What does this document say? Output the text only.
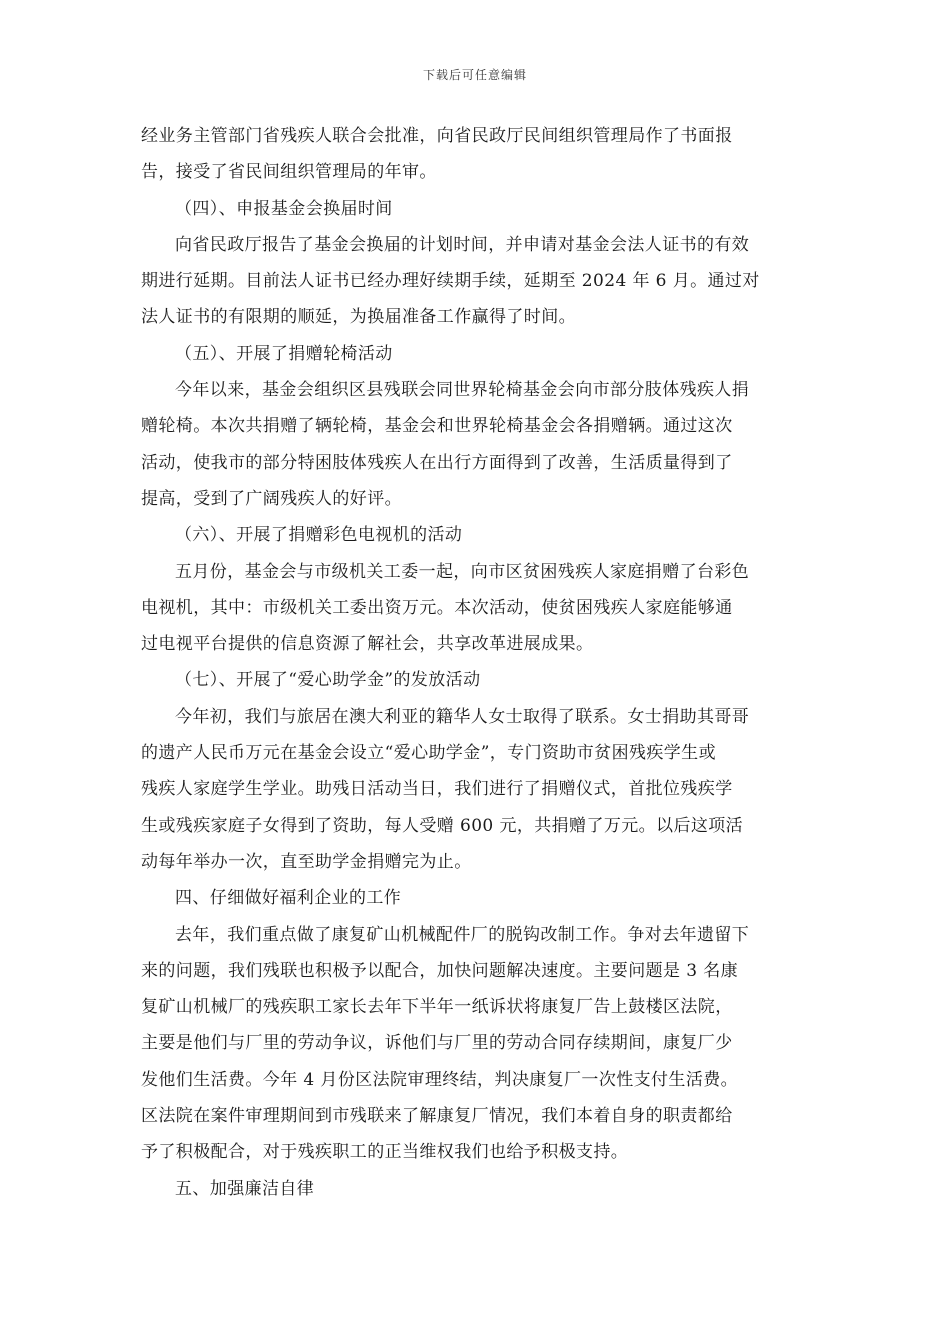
下载后可任意编辑
经业务主管部门省残疾人联合会批准，向省民政厅民间组织管理局作了书面报
告，接受了省民间组织管理局的年审。
（四）、申报基金会换届时间
向省民政厅报告了基金会换届的计划时间，并申请对基金会法人证书的有效
期进行延期。目前法人证书已经办理好续期手续，延期至 2024 年 6 月。通过对
法人证书的有限期的顺延，为换届准备工作赢得了时间。
（五）、开展了捐赠轮椅活动
今年以来，基金会组织区县残联会同世界轮椅基金会向市部分肢体残疾人捐
赠轮椅。本次共捐赠了辆轮椅，基金会和世界轮椅基金会各捐赠辆。通过这次
活动，使我市的部分特困肢体残疾人在出行方面得到了改善，生活质量得到了
提高，受到了广阔残疾人的好评。
（六）、开展了捐赠彩色电视机的活动
五月份，基金会与市级机关工委一起，向市区贫困残疾人家庭捐赠了台彩色
电视机，其中：市级机关工委出资万元。本次活动，使贫困残疾人家庭能够通
过电视平台提供的信息资源了解社会，共享改革进展成果。
（七）、开展了“爱心助学金”的发放活动
今年初，我们与旅居在澳大利亚的籍华人女士取得了联系。女士捐助其哥哥
的遗产人民币万元在基金会设立“爱心助学金”，专门资助市贫困残疾学生或
残疾人家庭学生学业。助残日活动当日，我们进行了捐赠仪式，首批位残疾学
生或残疾家庭子女得到了资助，每人受赠 600 元，共捐赠了万元。以后这项活
动每年举办一次，直至助学金捐赠完为止。
四、仔细做好福利企业的工作
去年，我们重点做了康复矿山机械配件厂的脱钩改制工作。争对去年遗留下
来的问题，我们残联也积极予以配合，加快问题解决速度。主要问题是 3 名康
复矿山机械厂的残疾职工家长去年下半年一纸诉状将康复厂告上鼓楼区法院，
主要是他们与厂里的劳动争议，诉他们与厂里的劳动合同存续期间，康复厂少
发他们生活费。今年 4 月份区法院审理终结，判决康复厂一次性支付生活费。
区法院在案件审理期间到市残联来了解康复厂情况，我们本着自身的职责都给
予了积极配合，对于残疾职工的正当维权我们也给予积极支持。
五、加强廉洁自律
